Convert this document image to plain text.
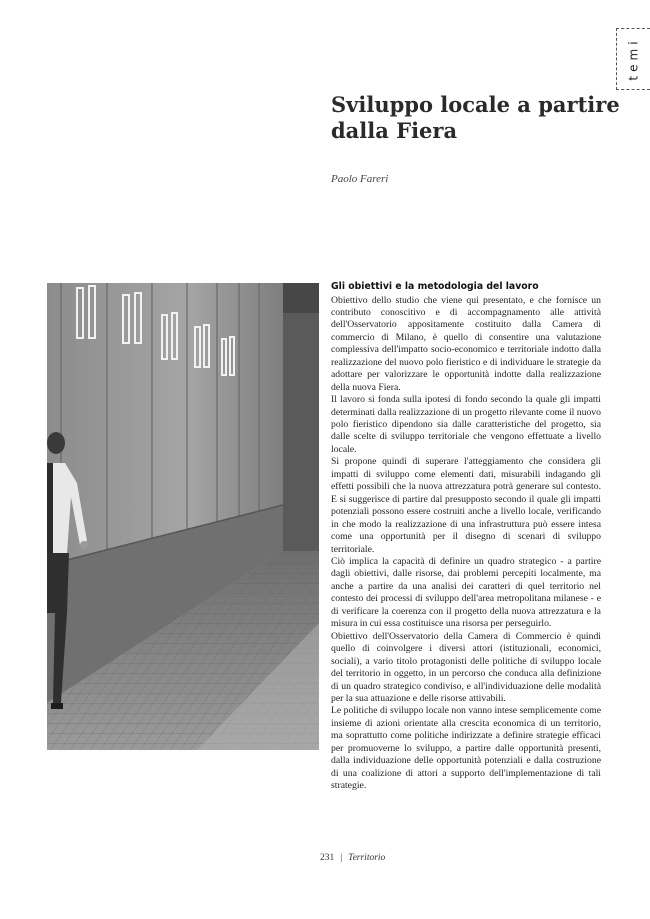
temi
Sviluppo locale a partire dalla Fiera
Paolo Fareri
Gli obiettivi e la metodologia del lavoro

Obiettivo dello studio che viene qui presentato, e che fornisce un contributo conoscitivo e di accompagnamento alle attività dell'Osservatorio appositamente costituito dalla Camera di commercio di Milano, è quello di consentire una valutazione complessiva dell'impatto socio-economico e territoriale indotto dalla realizzazione del nuovo polo fieristico e di individuare le strategie da adottare per valorizzare le opportunità indotte dalla realizzazione della nuova Fiera.

Il lavoro si fonda sulla ipotesi di fondo secondo la quale gli impatti determinati dalla realizzazione di un progetto rilevante come il nuovo polo fieristico dipendono sia dalle caratteristiche del progetto, sia dalle scelte di sviluppo territoriale che vengono effettuate a livello locale.

Si propone quindi di superare l'atteggiamento che considera gli impatti di sviluppo come elementi dati, misurabili indagando gli effetti possibili che la nuova attrezzatura potrà generare sul contesto. E si suggerisce di partire dal presupposto secondo il quale gli impatti potenziali possono essere costruiti anche a livello locale, verificando in che modo la realizzazione di una infrastruttura può essere intesa come una opportunità per il disegno di scenari di sviluppo territoriale.

Ciò implica la capacità di definire un quadro strategico - a partire dagli obiettivi, dalle risorse, dai problemi percepiti localmente, ma anche a partire da una analisi dei caratteri di quel territorio nel contesto dei processi di sviluppo dell'area metropolitana milanese - e di verificare la coerenza con il progetto della nuova attrezzatura e la misura in cui essa costituisce una risorsa per perseguirlo.

Obiettivo dell'Osservatorio della Camera di Commercio è quindi quello di coinvolgere i diversi attori (istituzionali, economici, sociali), a vario titolo protagonisti delle politiche di sviluppo locale del territorio in oggetto, in un percorso che conduca alla definizione di un quadro strategico condiviso, e all'individuazione delle modalità per la sua attuazione e delle risorse attivabili.

Le politiche di sviluppo locale non vanno intese semplicemente come insieme di azioni orientate alla crescita economica di un territorio, ma soprattutto come politiche indirizzate a definire strategie efficaci per promuoverne lo sviluppo, a partire dalle opportunità presenti, dalla individuazione delle opportunità potenziali e dalla costruzione di una coalizione di attori a supporto dell'implementazione di tali strategie.

231 | Territorio
